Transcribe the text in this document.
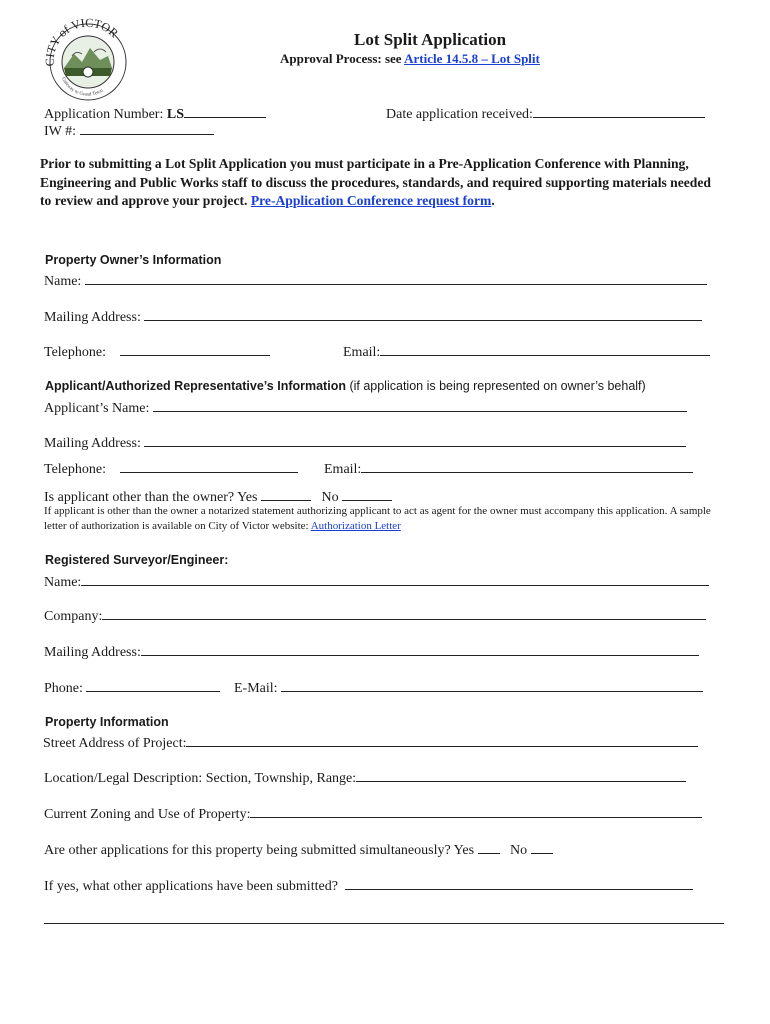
CITY of VICTOR
Gateway to Grand Teton
Lot Split Application
Approval Process: see Article 14.5.8 – Lot Split
Application Number: LS
IW #:
Date application received:
Prior to submitting a Lot Split Application you must participate in a Pre-Application Conference with Planning, Engineering and Public Works staff to discuss the procedures, standards, and required supporting materials needed to review and approve your project. Pre-Application Conference request form.
Property Owner’s Information
Name:
Mailing Address:
Telephone:	Email:
Applicant/Authorized Representative’s Information (if application is being represented on owner’s behalf)
Applicant’s Name:
Mailing Address:
Telephone:	Email:
Is applicant other than the owner? Yes	No
If applicant is other than the owner a notarized statement authorizing applicant to act as agent for the owner must accompany this application. A sample letter of authorization is available on City of Victor website: Authorization Letter
Registered Surveyor/Engineer:
Name:
Company:
Mailing Address:
Phone:	E-Mail:
Property Information
Street Address of Project:
Location/Legal Description: Section, Township, Range:
Current Zoning and Use of Property:
Are other applications for this property being submitted simultaneously? Yes	No
If yes, what other applications have been submitted?
